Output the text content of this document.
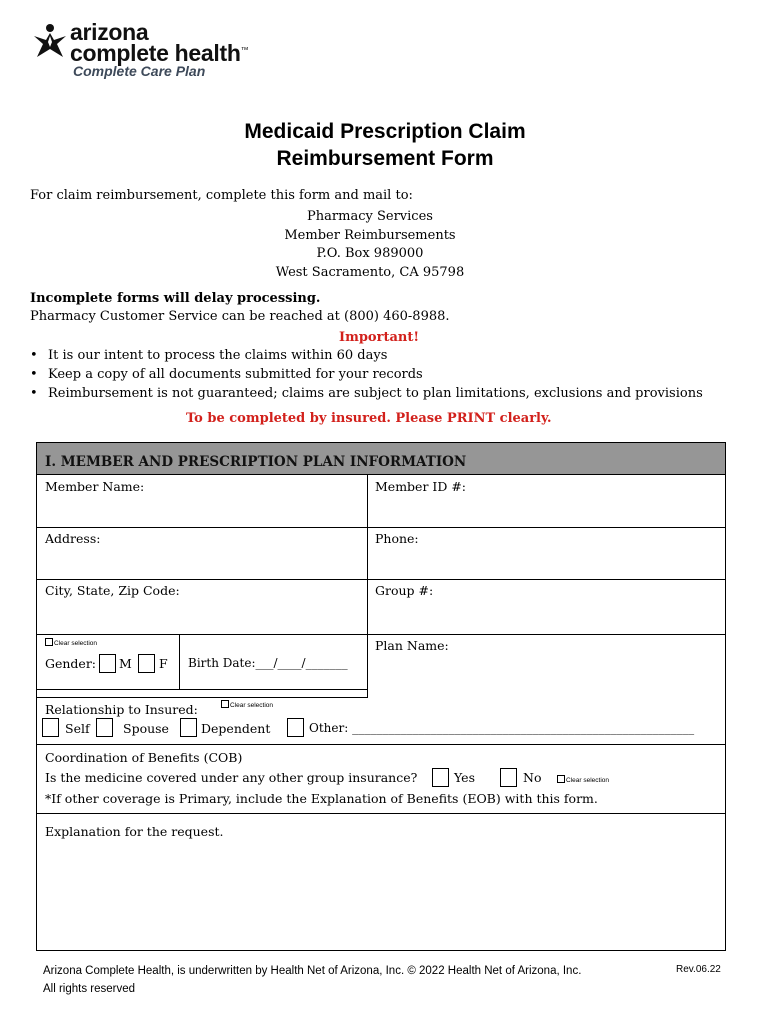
arizona
complete health™
Complete Care Plan
Medicaid Prescription Claim
Reimbursement Form
For claim reimbursement, complete this form and mail to:
Pharmacy Services
Member Reimbursements
P.O. Box 989000
West Sacramento, CA 95798
Incomplete forms will delay processing.
Pharmacy Customer Service can be reached at (800) 460-8988.
Important!
• It is our intent to process the claims within 60 days
• Keep a copy of all documents submitted for your records
• Reimbursement is not guaranteed; claims are subject to plan limitations, exclusions and provisions
To be completed by insured. Please PRINT clearly.
I. MEMBER AND PRESCRIPTION PLAN INFORMATION
Member Name:	Member ID #:
Address:	Phone:
City, State, Zip Code:	Group #:
Clear selection
Gender: M F Birth Date:___/____/_______
Plan Name:
Relationship to Insured:	Clear selection
Self	Spouse	Dependent	Other: _________________________________________________________
Coordination of Benefits (COB)
Is the medicine covered under any other group insurance?	Yes	No	Clear selection
*If other coverage is Primary, include the Explanation of Benefits (EOB) with this form.
Explanation for the request.
Arizona Complete Health, is underwritten by Health Net of Arizona, Inc. © 2022 Health Net of Arizona, Inc.
All rights reserved
Rev.06.22
